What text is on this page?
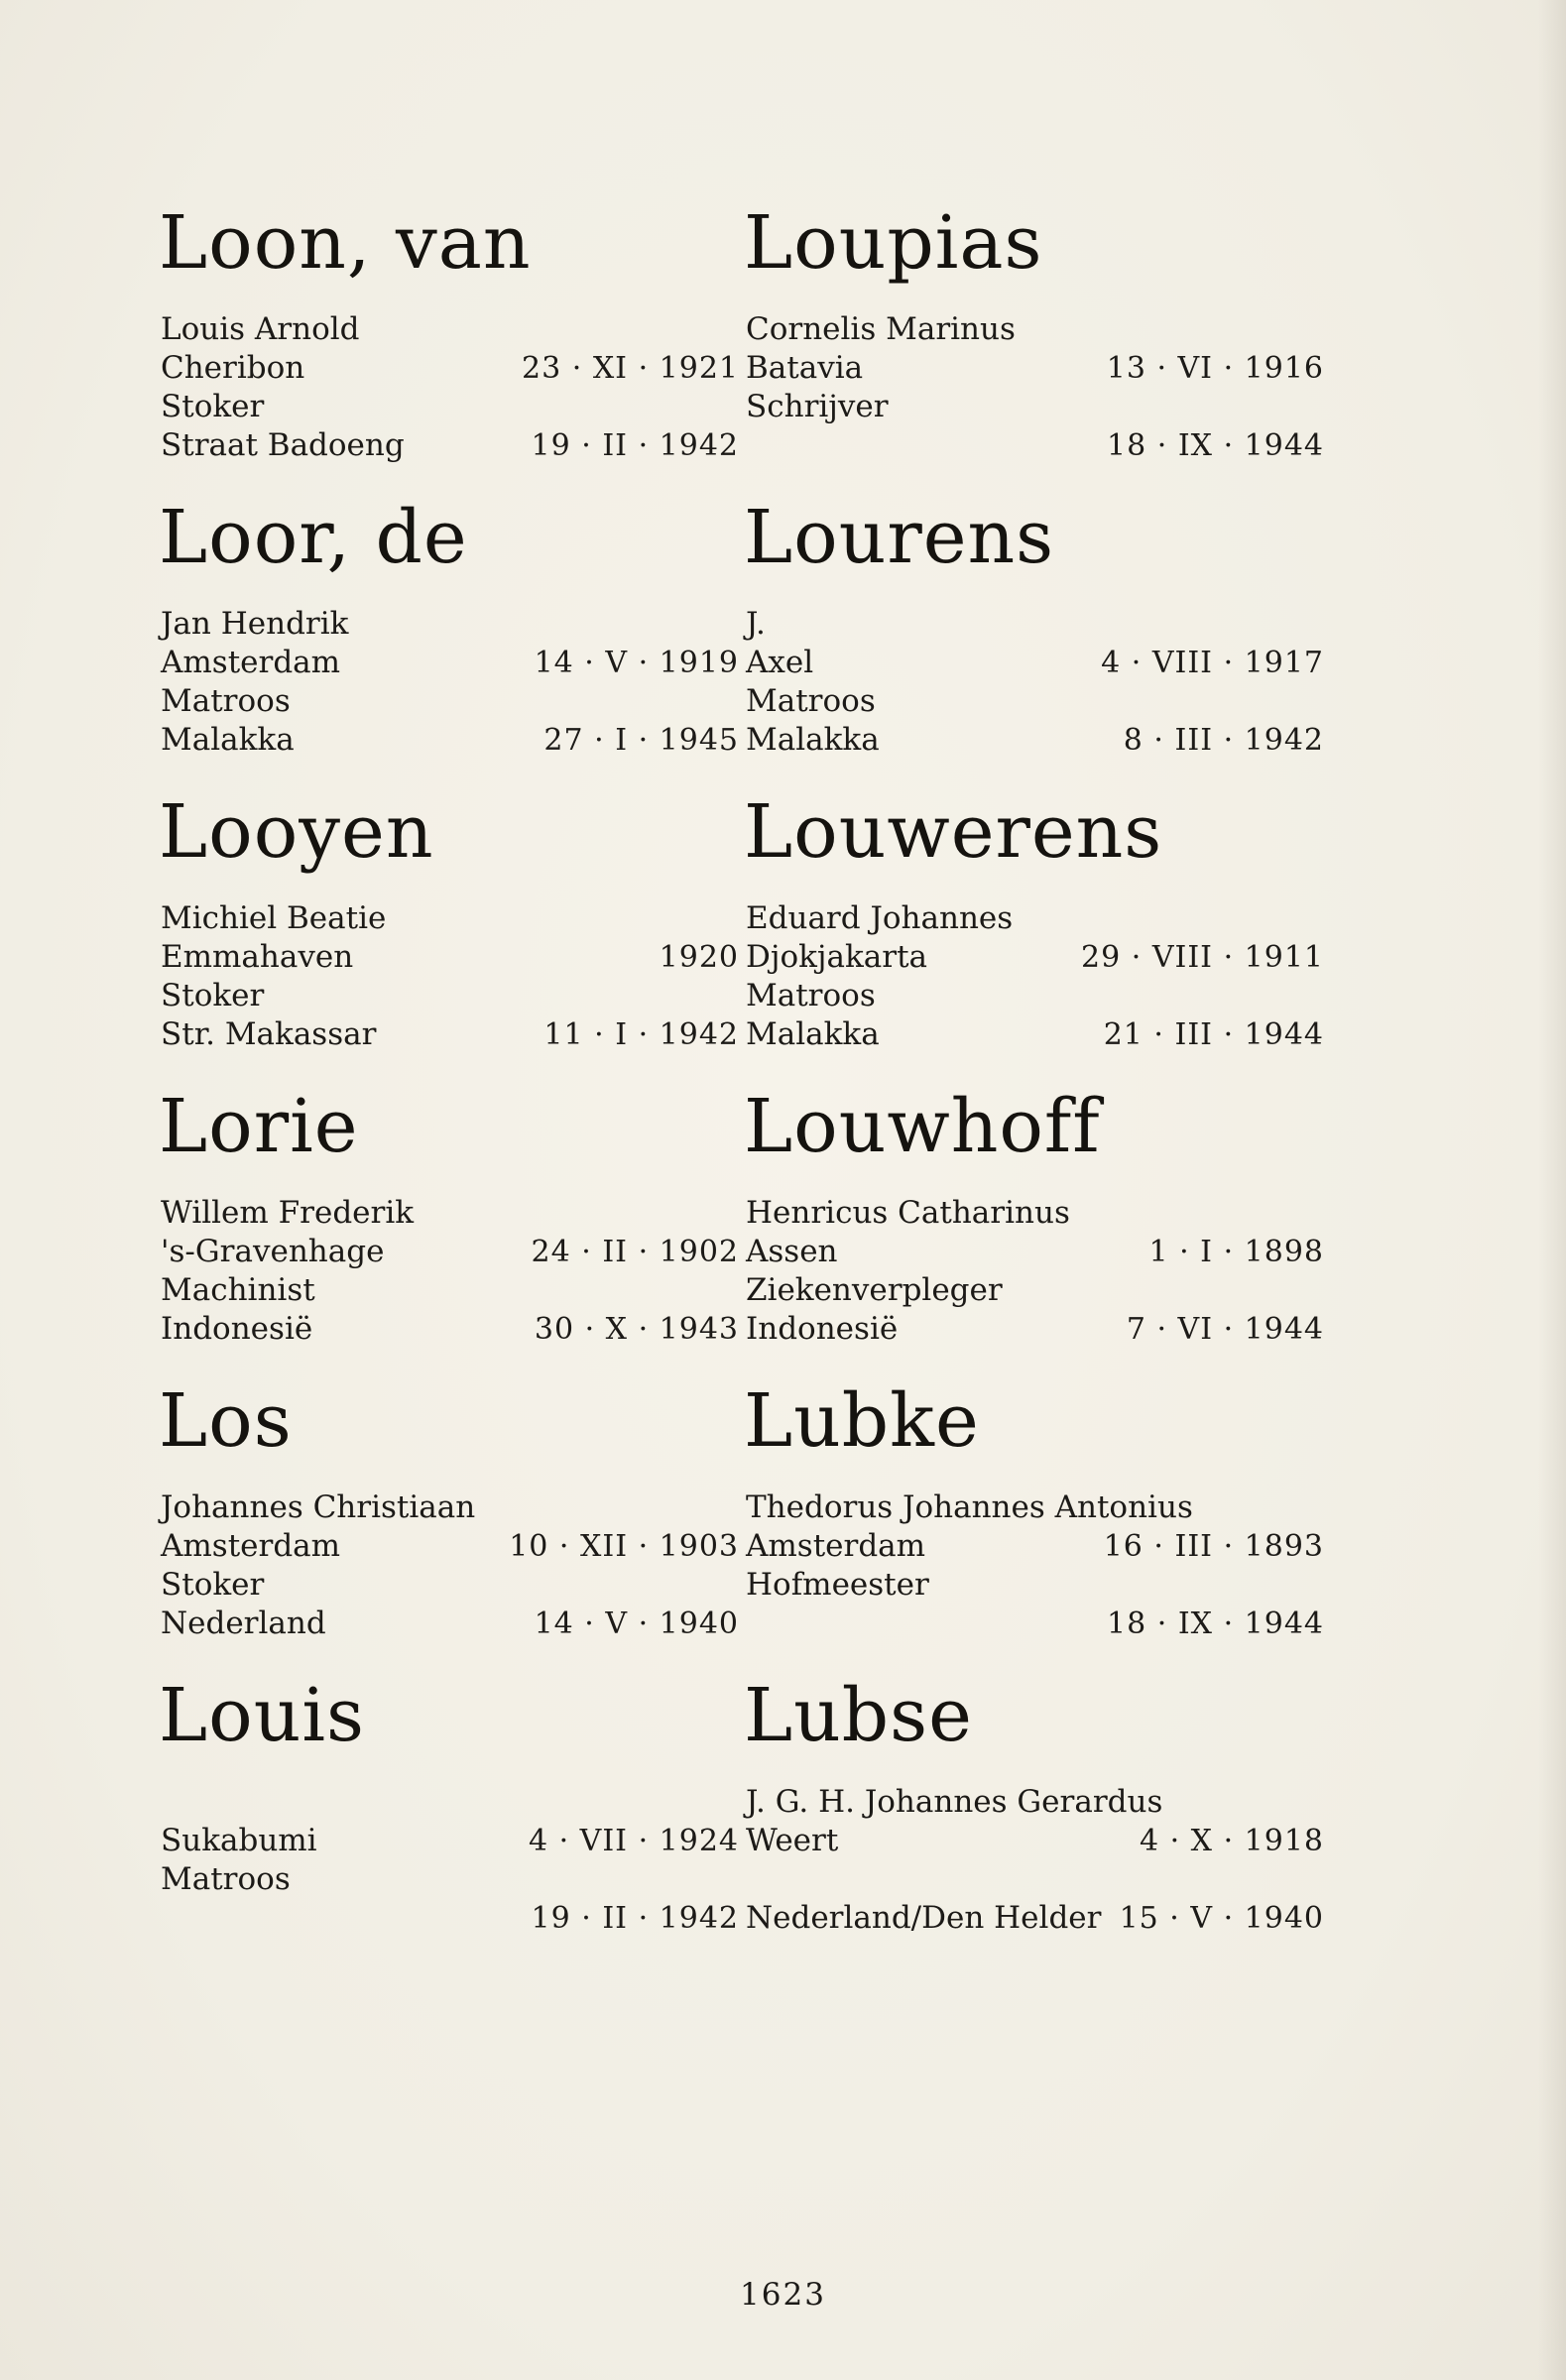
Loon, van
Louis Arnold
Cheribon	23 · XI · 1921
Stoker
Straat Badoeng	19 · II · 1942
Loor, de
Jan Hendrik
Amsterdam	14 · V · 1919
Matroos
Malakka	27 · I · 1945
Looyen
Michiel Beatie
Emmahaven	1920
Stoker
Str. Makassar	11 · I · 1942
Lorie
Willem Frederik
's-Gravenhage	24 · II · 1902
Machinist
Indonesië	30 · X · 1943
Los
Johannes Christiaan
Amsterdam	10 · XII · 1903
Stoker
Nederland	14 · V · 1940
Louis
Sukabumi	4 · VII · 1924
Matroos
19 · II · 1942
Loupias
Cornelis Marinus
Batavia	13 · VI · 1916
Schrijver
18 · IX · 1944
Lourens
J.
Axel	4 · VIII · 1917
Matroos
Malakka	8 · III · 1942
Louwerens
Eduard Johannes
Djokjakarta	29 · VIII · 1911
Matroos
Malakka	21 · III · 1944
Louwhoff
Henricus Catharinus
Assen	1 · I · 1898
Ziekenverpleger
Indonesië	7 · VI · 1944
Lubke
Thedorus Johannes Antonius
Amsterdam	16 · III · 1893
Hofmeester
18 · IX · 1944
Lubse
J. G. H. Johannes Gerardus
Weert	4 · X · 1918
Nederland/Den Helder 15 · V · 1940
1623
